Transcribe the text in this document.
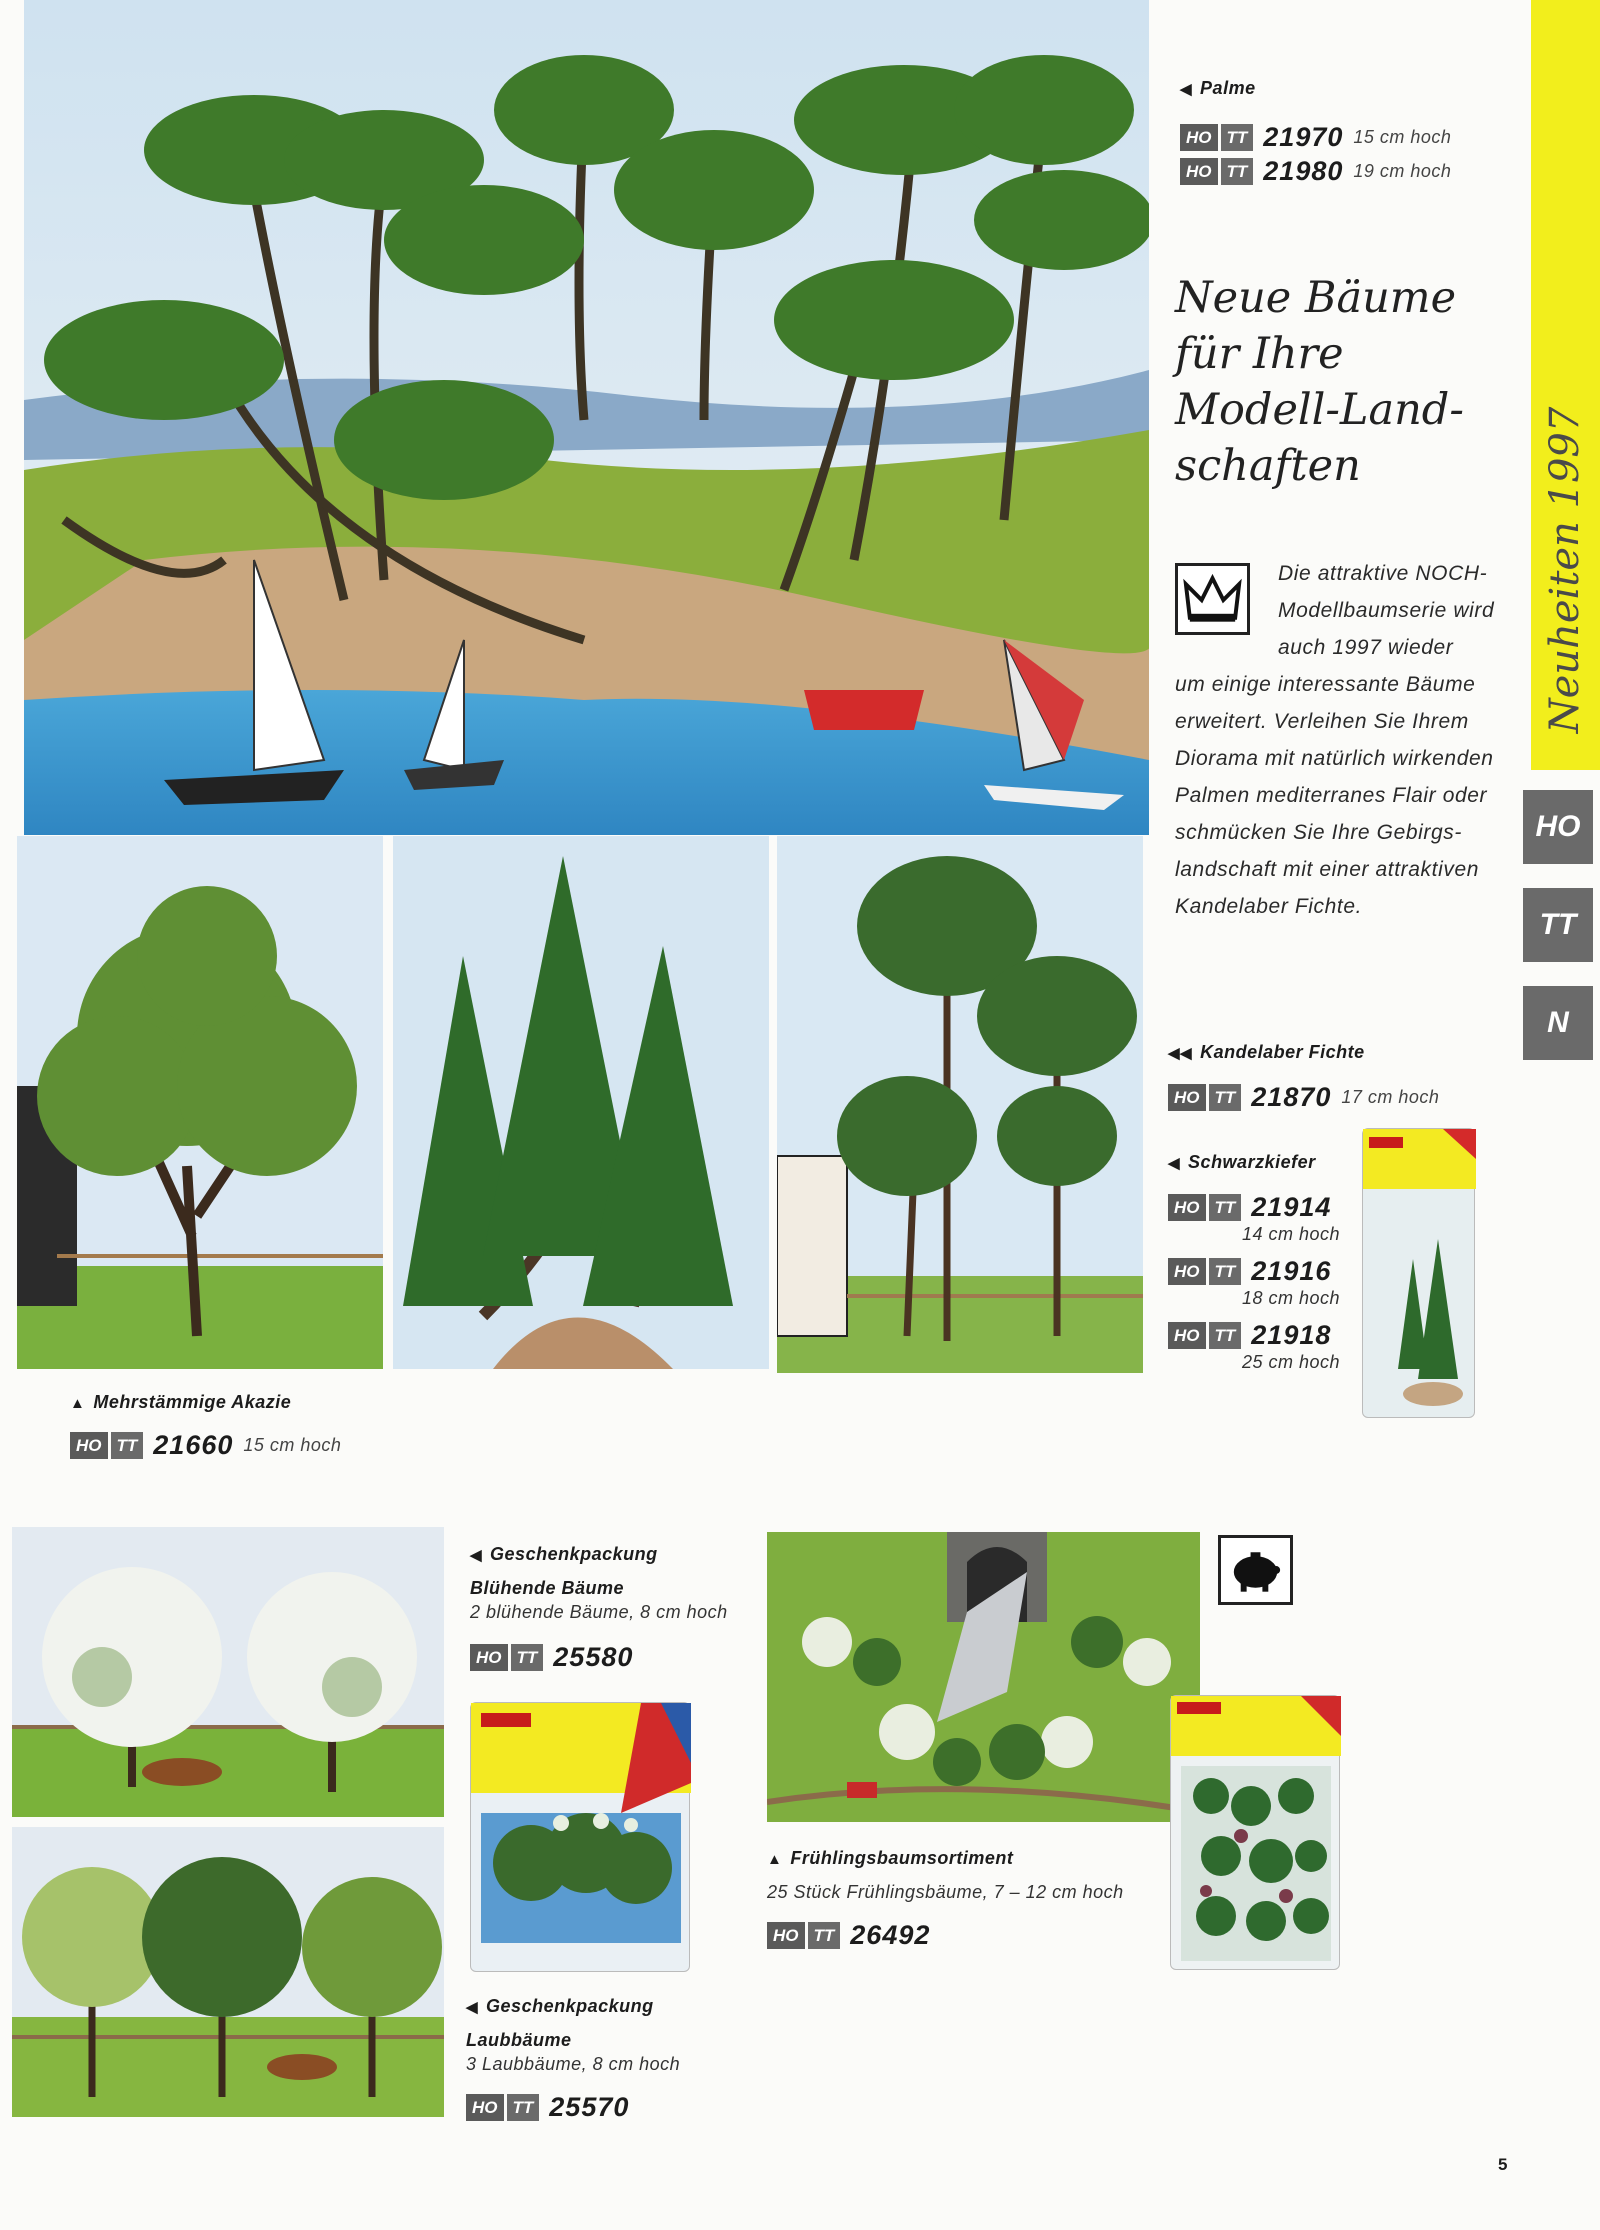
◀ Palme
HO TT 21970 15 cm hoch
HO TT 21980 19 cm hoch
Neue Bäume
für Ihre
Modell-Land-
schaften
Die attraktive NOCH-
Modellbaumserie wird
auch 1997 wieder
um einige interessante Bäume
erweitert. Verleihen Sie Ihrem
Diorama mit natürlich wirkenden
Palmen mediterranes Flair oder
schmücken Sie Ihre Gebirgs-
landschaft mit einer attraktiven
Kandelaber Fichte.
Neuheiten 1997
HO
TT
N
◀◀ Kandelaber Fichte
HO TT 21870 17 cm hoch
◀ Schwarzkiefer
HO TT 21914
14 cm hoch
HO TT 21916
18 cm hoch
HO TT 21918
25 cm hoch
▲ Mehrstämmige Akazie
HO TT 21660 15 cm hoch
◀ Geschenkpackung
Blühende Bäume
2 blühende Bäume, 8 cm hoch
HO TT 25580
◀ Geschenkpackung
Laubbäume
3 Laubbäume, 8 cm hoch
HO TT 25570
▲ Frühlingsbaumsortiment
25 Stück Frühlingsbäume, 7 – 12 cm hoch
HO TT 26492
5
